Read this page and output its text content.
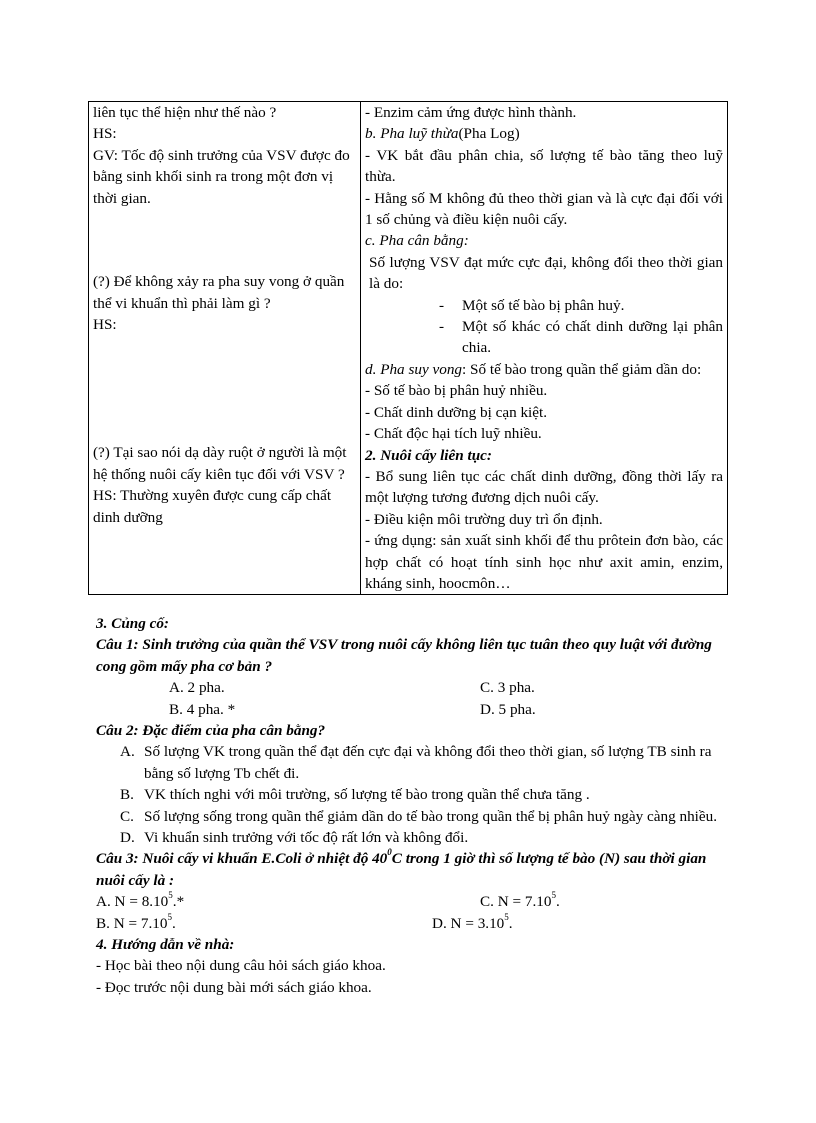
liên tục thể hiện như thế nào ?
HS:
GV: Tốc độ sinh trưởng của VSV được đo bằng sinh khối sinh ra trong một đơn vị thời gian.
(?) Để không xảy ra pha suy vong ở quần thể vi khuẩn thì phải làm gì ?
HS:
(?) Tại sao nói dạ dày ruột ở người là một hệ thống nuôi cấy kiên tục đối với VSV ?
HS: Thường xuyên được cung cấp chất dinh dưỡng

- Enzim cảm ứng được hình thành.
b. Pha luỹ thừa(Pha Log)
- VK bắt đầu phân chia, số lượng tế bào tăng theo luỹ thừa.
- Hằng số M không đủ theo thời gian và là cực đại đối với 1 số chủng và điều kiện nuôi cấy.
c. Pha cân bằng:
Số lượng VSV đạt mức cực đại, không đổi theo thời gian là do:
- Một số tế bào bị phân huỷ.
- Một số khác có chất dinh dưỡng lại phân chia.
d. Pha suy vong: Số tế bào trong quần thể giảm dần do:
- Số tế bào bị phân huỷ nhiều.
- Chất dinh dưỡng bị cạn kiệt.
- Chất độc hại tích luỹ nhiều.
2. Nuôi cấy liên tục:
- Bổ sung liên tục các chất dinh dưỡng, đồng thời lấy ra một lượng tương đương dịch nuôi cấy.
- Điều kiện môi trường duy trì ổn định.
- ứng dụng: sản xuất sinh khối để thu prôtein đơn bào, các hợp chất có hoạt tính sinh học như axit amin, enzim, kháng sinh, hoocmôn…
3. Củng cố:
Câu 1: Sinh trưởng của quần thể VSV trong nuôi cấy không liên tục tuân theo quy luật với đường cong gồm mấy pha cơ bản ?
A. 2 pha.	C. 3 pha.
B. 4 pha. *	D. 5 pha.
Câu 2: Đặc điểm của pha cân bằng?
A. Số lượng VK trong quần thể đạt đến cực đại và không đổi theo thời gian, số lượng TB sinh ra bằng số lượng Tb chết đi.
B. VK thích nghi với môi trường, số lượng tế bào trong quần thể chưa tăng .
C. Số lượng sống trong quần thể giảm dần do tế bào trong quần thể bị phân huỷ ngày càng nhiều.
D. Vi khuẩn sinh trưởng với tốc độ rất lớn và không đổi.
Câu 3: Nuôi cấy vi khuẩn E.Coli ở nhiệt độ $40^0C$ trong 1 giờ thì số lượng tế bào (N) sau thời gian nuôi cấy là :
A. $N = 8.10^5.*$	C. $N = 7.10^5$.
B. $N = 7.10^5$.	D. $N = 3.10^5$.
4. Hướng dẫn về nhà:
- Học bài theo nội dung câu hỏi sách giáo khoa.
- Đọc trước nội dung bài mới sách giáo khoa.
